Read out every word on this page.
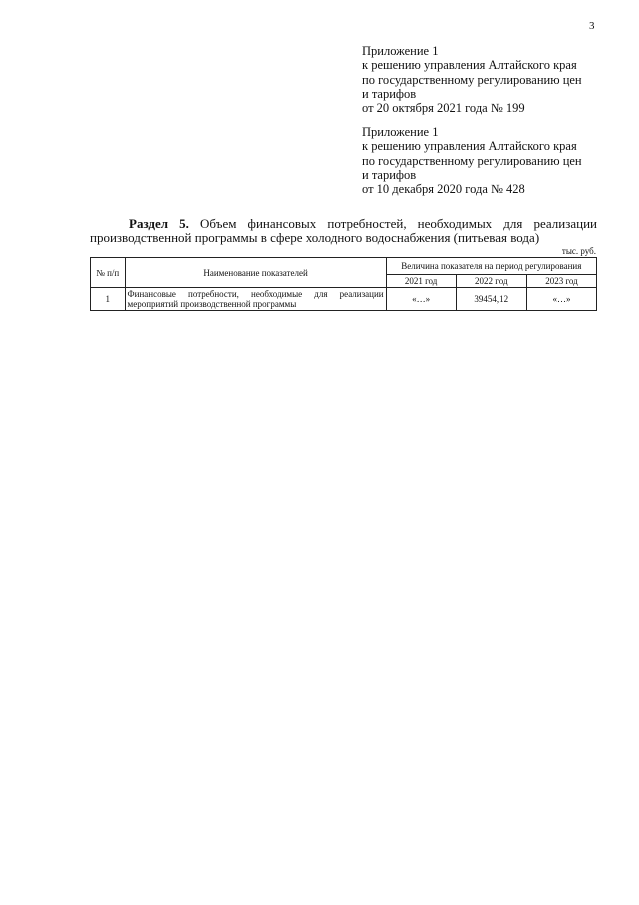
3
Приложение 1
к решению управления Алтайского края
по государственному регулированию цен
и тарифов
от 20 октября 2021 года № 199
Приложение 1
к решению управления Алтайского края
по государственному регулированию цен
и тарифов
от 10 декабря 2020 года № 428
Раздел 5. Объем финансовых потребностей, необходимых для реализации
производственной программы в сфере холодного водоснабжения (питьевая вода)
тыс. руб.
№ п/п	Наименование показателей	Величина показателя на период регулирования		
		2021 год	2022 год	2023 год
1	Финансовые потребности, необходимые для реализации мероприятий производственной программы	«…»	39454,12	«…»
